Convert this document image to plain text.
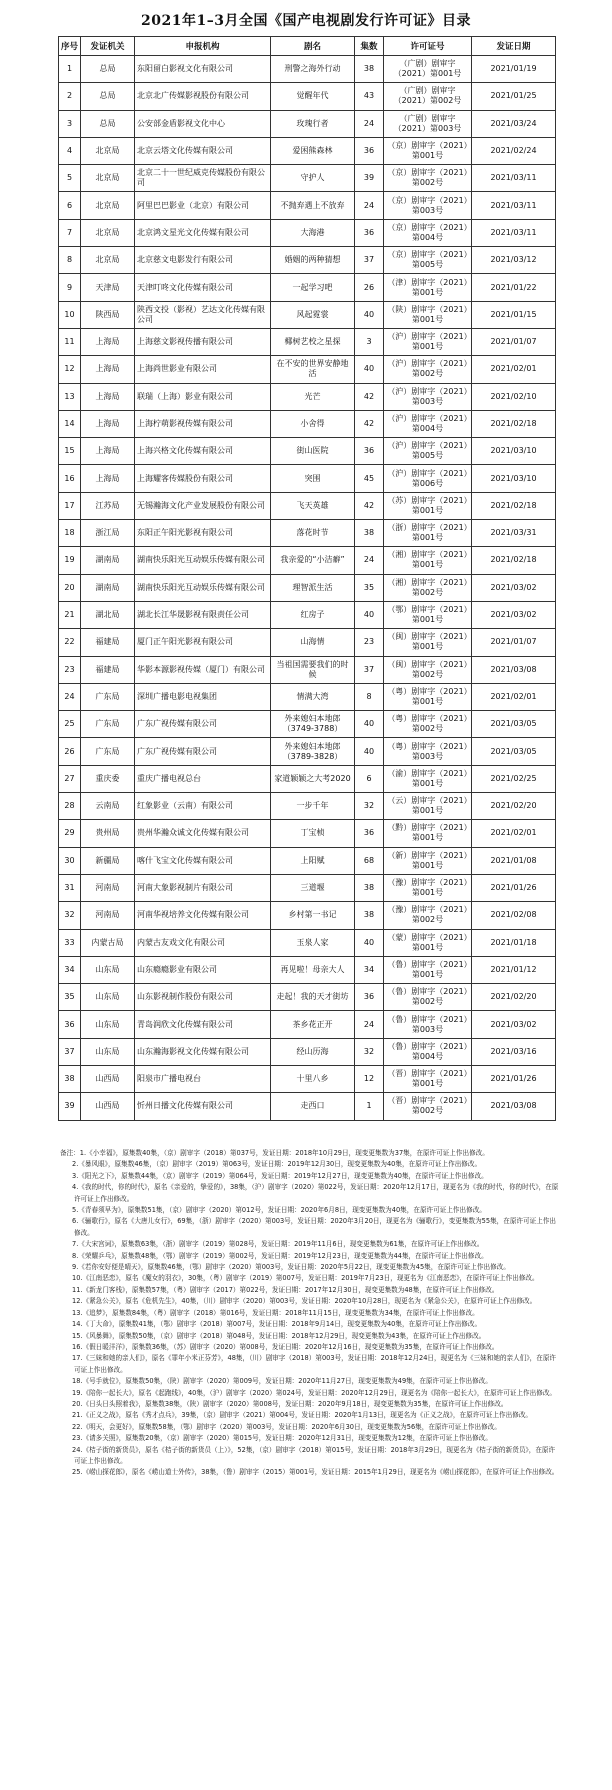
2021年1–3月全国《国产电视剧发行许可证》目录
序号	发证机关	申报机构	剧名	集数	许可证号	发证日期
1	总局	东阳留白影视文化有限公司	刑警之海外行动	38	（广剧）剧审字（2021）第001号	2021/01/19
2	总局	北京北广传媒影视股份有限公司	觉醒年代	43	（广剧）剧审字（2021）第002号	2021/01/25
3	总局	公安部金盾影视文化中心	玫瑰行者	24	（广剧）剧审字（2021）第003号	2021/03/24
4	北京局	北京云塔文化传媒有限公司	爱困熊森林	36	（京）剧审字（2021）第001号	2021/02/24
5	北京局	北京二十一世纪威克传媒股份有限公司	守护人	39	（京）剧审字（2021）第002号	2021/03/11
6	北京局	阿里巴巴影业（北京）有限公司	不抛弃遇上不放弃	24	（京）剧审字（2021）第003号	2021/03/11
7	北京局	北京鸿文星光文化传媒有限公司	大海港	36	（京）剧审字（2021）第004号	2021/03/11
8	北京局	北京慈文电影发行有限公司	婚姻的两种猜想	37	（京）剧审字（2021）第005号	2021/03/12
9	天津局	天津叮咚文化传媒有限公司	一起学习吧	26	（津）剧审字（2021）第001号	2021/01/22
10	陕西局	陕西文投（影视）艺达文化传媒有限公司	风起霓裳	40	（陕）剧审字（2021）第001号	2021/01/15
11	上海局	上海慈文影视传播有限公司	椰树艺校之星探	3	（沪）剧审字（2021）第001号	2021/01/07
12	上海局	上海尚世影业有限公司	在不安的世界安静地活	40	（沪）剧审字（2021）第002号	2021/02/01
13	上海局	联瑞（上海）影业有限公司	光芒	42	（沪）剧审字（2021）第003号	2021/02/10
14	上海局	上海柠萌影视传媒有限公司	小舍得	42	（沪）剧审字（2021）第004号	2021/02/18
15	上海局	上海兴格文化传媒有限公司	街山医院	36	（沪）剧审字（2021）第005号	2021/03/10
16	上海局	上海耀客传媒股份有限公司	突围	45	（沪）剧审字（2021）第006号	2021/03/10
17	江苏局	无锡瀚海文化产业发展股份有限公司	飞天英雄	42	（苏）剧审字（2021）第001号	2021/02/18
18	浙江局	东阳正午阳光影视有限公司	落花时节	38	（浙）剧审字（2021）第001号	2021/03/31
19	湖南局	湖南快乐阳光互动娱乐传媒有限公司	我亲爱的“小洁癖”	24	（湘）剧审字（2021）第001号	2021/02/18
20	湖南局	湖南快乐阳光互动娱乐传媒有限公司	理智派生活	35	（湘）剧审字（2021）第002号	2021/03/02
21	湖北局	湖北长江华晟影视有限责任公司	红房子	40	（鄂）剧审字（2021）第001号	2021/03/02
22	福建局	厦门正午阳光影视有限公司	山海情	23	（闽）剧审字（2021）第001号	2021/01/07
23	福建局	华影本源影视传媒（厦门）有限公司	当祖国需要我们的时候	37	（闽）剧审字（2021）第002号	2021/03/08
24	广东局	深圳广播电影电视集团	情满大湾	8	（粤）剧审字（2021）第001号	2021/02/01
25	广东局	广东广视传媒有限公司	外来媳妇本地郎（3749-3788）	40	（粤）剧审字（2021）第002号	2021/03/05
26	广东局	广东广视传媒有限公司	外来媳妇本地郎（3789-3828）	40	（粤）剧审字（2021）第003号	2021/03/05
27	重庆委	重庆广播电视总台	家道颖颖之大考2020	6	（渝）剧审字（2021）第001号	2021/02/25
28	云南局	红象影业（云南）有限公司	一步千年	32	（云）剧审字（2021）第001号	2021/02/20
29	贵州局	贵州华瀚众诚文化传媒有限公司	丁宝桢	36	（黔）剧审字（2021）第001号	2021/02/01
30	新疆局	喀什飞宝文化传媒有限公司	上阳赋	68	（新）剧审字（2021）第001号	2021/01/08
31	河南局	河南大象影视制片有限公司	三道堰	38	（豫）剧审字（2021）第001号	2021/01/26
32	河南局	河南华视培养文化传媒有限公司	乡村第一书记	38	（豫）剧审字（2021）第002号	2021/02/08
33	内蒙古局	内蒙古友戏文化有限公司	玉泉人家	40	（蒙）剧审字（2021）第001号	2021/01/18
34	山东局	山东瘾瘾影业有限公司	再见啦！母亲大人	34	（鲁）剧审字（2021）第001号	2021/01/12
35	山东局	山东影视制作股份有限公司	走起！我的天才街坊	36	（鲁）剧审字（2021）第002号	2021/02/20
36	山东局	青岛润欣文化传媒有限公司	茶乡花正开	24	（鲁）剧审字（2021）第003号	2021/03/02
37	山东局	山东瀚海影视文化传媒有限公司	经山历海	32	（鲁）剧审字（2021）第004号	2021/03/16
38	山西局	阳泉市广播电视台	十里八乡	12	（晋）剧审字（2021）第001号	2021/01/26
39	山西局	忻州日播文化传媒有限公司	走西口	1	（晋）剧审字（2021）第002号	2021/03/08

备注：1.《小幸福》，原集数40集，（京）剧审字（2018）第037号，发证日期：2018年10月29日，现变更集数为37集，在原许可证上作出修改。

2.《暴风眼》，原集数46集，（京）剧审字（2019）第063号，发证日期：2019年12月30日，现变更集数为40集，在原许可证上作出修改。

3.《阳光之下》，原集数44集，（京）剧审字（2019）第064号，发证日期：2019年12月27日，现变更集数为40集，在原许可证上作出修改。

4.《我的时代，你的时代》，原名《亲爱的，挚爱的》，38集，（沪）剧审字（2020）第022号，发证日期：2020年12月17日，现更名为《我的时代，你的时代》，在原许可证上作出修改。

5.《青春须早为》，原集数51集，（京）剧审字（2020）第012号，发证日期：2020年6月8日，现变更集数为40集，在原许可证上作出修改。

6.《骊歌行》，原名《大唐儿女行》，69集，（浙）剧审字（2020）第003号，发证日期：2020年3月20日，现更名为《骊歌行》，变更集数为55集，在原许可证上作出修改。

7.《大宋宫词》，原集数63集，（浙）剧审字（2019）第028号，发证日期：2019年11月6日，现变更集数为61集，在原许可证上作出修改。

8.《荣耀乒乓》，原集数48集，（鄂）剧审字（2019）第002号，发证日期：2019年12月23日，现变更集数为44集，在原许可证上作出修改。

9.《若你安好便是晴天》，原集数46集，（鄂）剧审字（2020）第003号，发证日期：2020年5月22日，现变更集数为45集，在原许可证上作出修改。

10.《江南恶恋》，原名《魔女的羽衣》，30集，（粤）剧审字（2019）第007号，发证日期：2019年7月23日，现更名为《江南恶恋》，在原许可证上作出修改。

11.《新龙门客栈》，原集数57集，（粤）剧审字（2017）第022号，发证日期：2017年12月30日，现变更集数为48集，在原许可证上作出修改。

12.《紧急公关》，原名《危机先生》，40集，（川）剧审字（2020）第003号，发证日期：2020年10月28日，现更名为《紧急公关》，在原许可证上作出修改。

13.《追梦》，原集数84集，（粤）剧审字（2018）第016号，发证日期：2018年11月15日，现变更集数为34集，在原许可证上作出修改。

14.《丁大命》，原集数41集，（鄂）剧审字（2018）第007号，发证日期：2018年9月14日，现变更集数为40集，在原许可证上作出修改。

15.《风暴舞》，原集数50集，（京）剧审字（2018）第048号，发证日期：2018年12月29日，现变更集数为43集，在原许可证上作出修改。

16.《假日暖洋洋》，原集数36集，（苏）剧审字（2020）第008号，发证日期：2020年12月16日，现变更集数为35集，在原许可证上作出修改。

17.《三妹和她的亲人们》，原名《罪年小米正芬芳》，48集，（川）剧审字（2018）第003号，发证日期：2018年12月24日，现更名为《三妹和她的亲人们》，在原许可证上作出修改。

18.《号手就位》，原集数50集，（陕）剧审字（2020）第009号，发证日期：2020年11月27日，现变更集数为49集，在原许可证上作出修改。

19.《陪你一起长大》，原名《起跑线》，40集，（沪）剧审字（2020）第024号，发证日期：2020年12月29日，现更名为《陪你一起长大》，在原许可证上作出修改。

20.《日头日头照着我》，原集数38集，（陕）剧审字（2020）第008号，发证日期：2020年9月18日，现变更集数为35集，在原许可证上作出修改。

21.《正义之战》，原名《秀才点兵》，39集，（京）剧审字（2021）第004号，发证日期：2020年1月13日，现更名为《正义之战》，在原许可证上作出修改。

22.《明天，会更好》，原集数58集，（鄂）剧审字（2020）第003号，发证日期：2020年6月30日，现变更集数为56集，在原许可证上作出修改。

23.《请多关照》，原集数20集，（京）剧审字（2020）第015号，发证日期：2020年12月31日，现变更集数为12集，在原许可证上作出修改。

24.《桔子街的新货员》，原名《桔子街的新货员（上）》，52集，（京）剧审字（2018）第015号，发证日期：2018年3月29日，现更名为《桔子街的新货员》，在原许可证上作出修改。

25.《崂山探花郎》，原名《崂山道士外传》，38集，（鲁）剧审字（2015）第001号，发证日期：2015年1月29日，现更名为《崂山探花郎》，在原许可证上作出修改。
